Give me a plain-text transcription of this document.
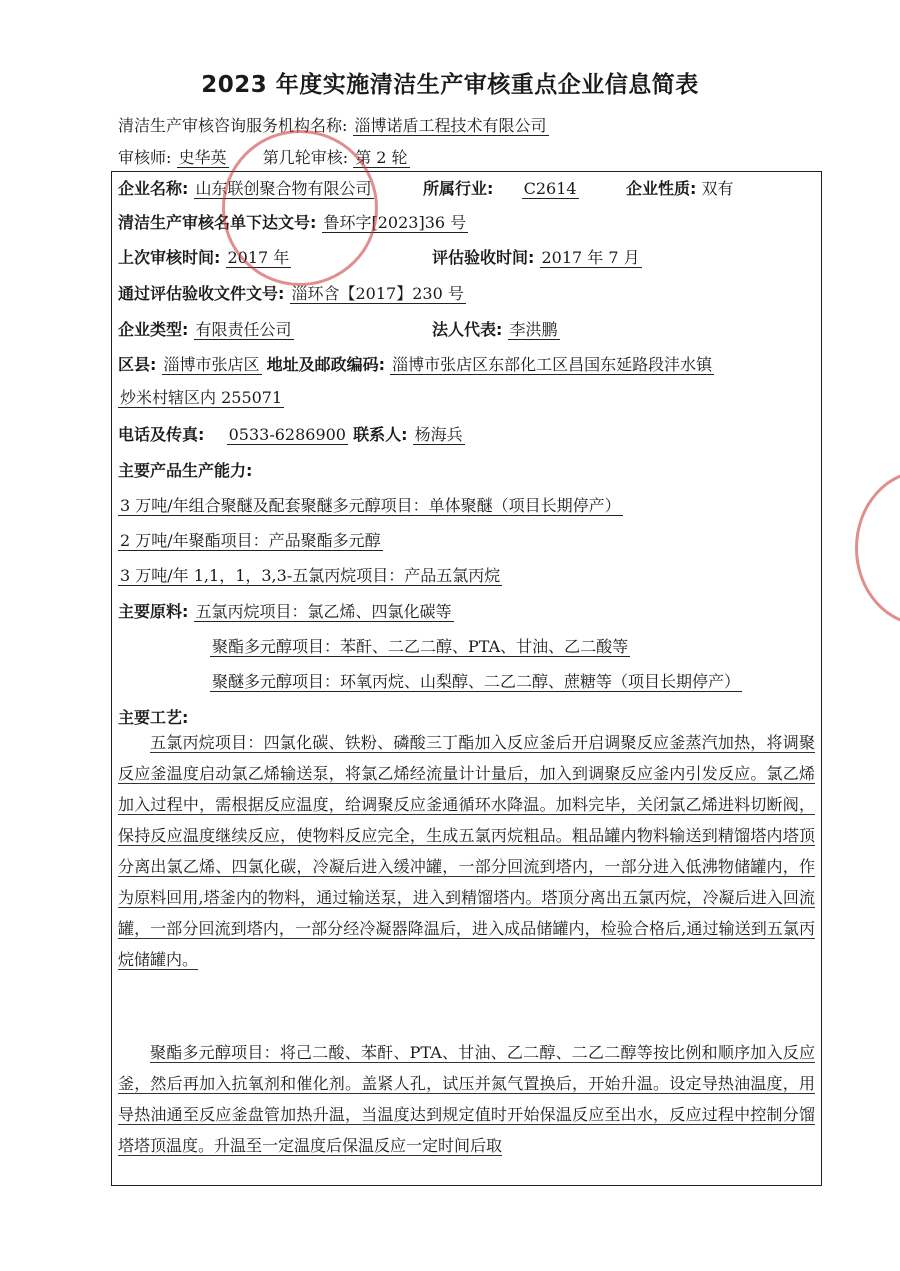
2023 年度实施清洁生产审核重点企业信息简表
清洁生产审核咨询服务机构名称: 淄博诺盾工程技术有限公司
审核师: 史华英 第几轮审核: 第 2 轮
企业名称: 山东联创聚合物有限公司	所属行业: C2614	企业性质: 双有
清洁生产审核名单下达文号: 鲁环字[2023]36 号
上次审核时间: 2017 年	评估验收时间: 2017 年 7 月
通过评估验收文件文号: 淄环含【2017】230 号
企业类型: 有限责任公司	法人代表: 李洪鹏
区县: 淄博市张店区 地址及邮政编码: 淄博市张店区东部化工区昌国东延路段沣水镇
炒米村辖区内 255071
电话及传真: 0533-6286900 联系人: 杨海兵
主要产品生产能力:
3 万吨/年组合聚醚及配套聚醚多元醇项目：单体聚醚（项目长期停产）
2 万吨/年聚酯项目：产品聚酯多元醇
3 万吨/年 1,1，1，3,3-五氯丙烷项目：产品五氯丙烷
主要原料: 五氯丙烷项目：氯乙烯、四氯化碳等
聚酯多元醇项目：苯酐、二乙二醇、PTA、甘油、乙二酸等
聚醚多元醇项目：环氧丙烷、山梨醇、二乙二醇、蔗糖等（项目长期停产）
主要工艺:
五氯丙烷项目：四氯化碳、铁粉、磷酸三丁酯加入反应釜后开启调聚反应釜蒸汽加热，将调聚反应釜温度启动氯乙烯输送泵，将氯乙烯经流量计计量后，加入到调聚反应釜内引发反应。氯乙烯加入过程中，需根据反应温度，给调聚反应釜通循环水降温。加料完毕，关闭氯乙烯进料切断阀，保持反应温度继续反应，使物料反应完全，生成五氯丙烷粗品。粗品罐内物料输送到精馏塔内塔顶分离出氯乙烯、四氯化碳，冷凝后进入缓冲罐，一部分回流到塔内，一部分进入低沸物储罐内，作为原料回用,塔釜内的物料，通过输送泵，进入到精馏塔内。塔顶分离出五氯丙烷，冷凝后进入回流罐，一部分回流到塔内，一部分经冷凝器降温后，进入成品储罐内，检验合格后,通过输送到五氯丙烷储罐内。
聚酯多元醇项目：将己二酸、苯酐、PTA、甘油、乙二醇、二乙二醇等按比例和顺序加入反应釜，然后再加入抗氧剂和催化剂。盖紧人孔，试压并氮气置换后，开始升温。设定导热油温度，用导热油通至反应釜盘管加热升温，当温度达到规定值时开始保温反应至出水，反应过程中控制分馏塔塔顶温度。升温至一定温度后保温反应一定时间后取
